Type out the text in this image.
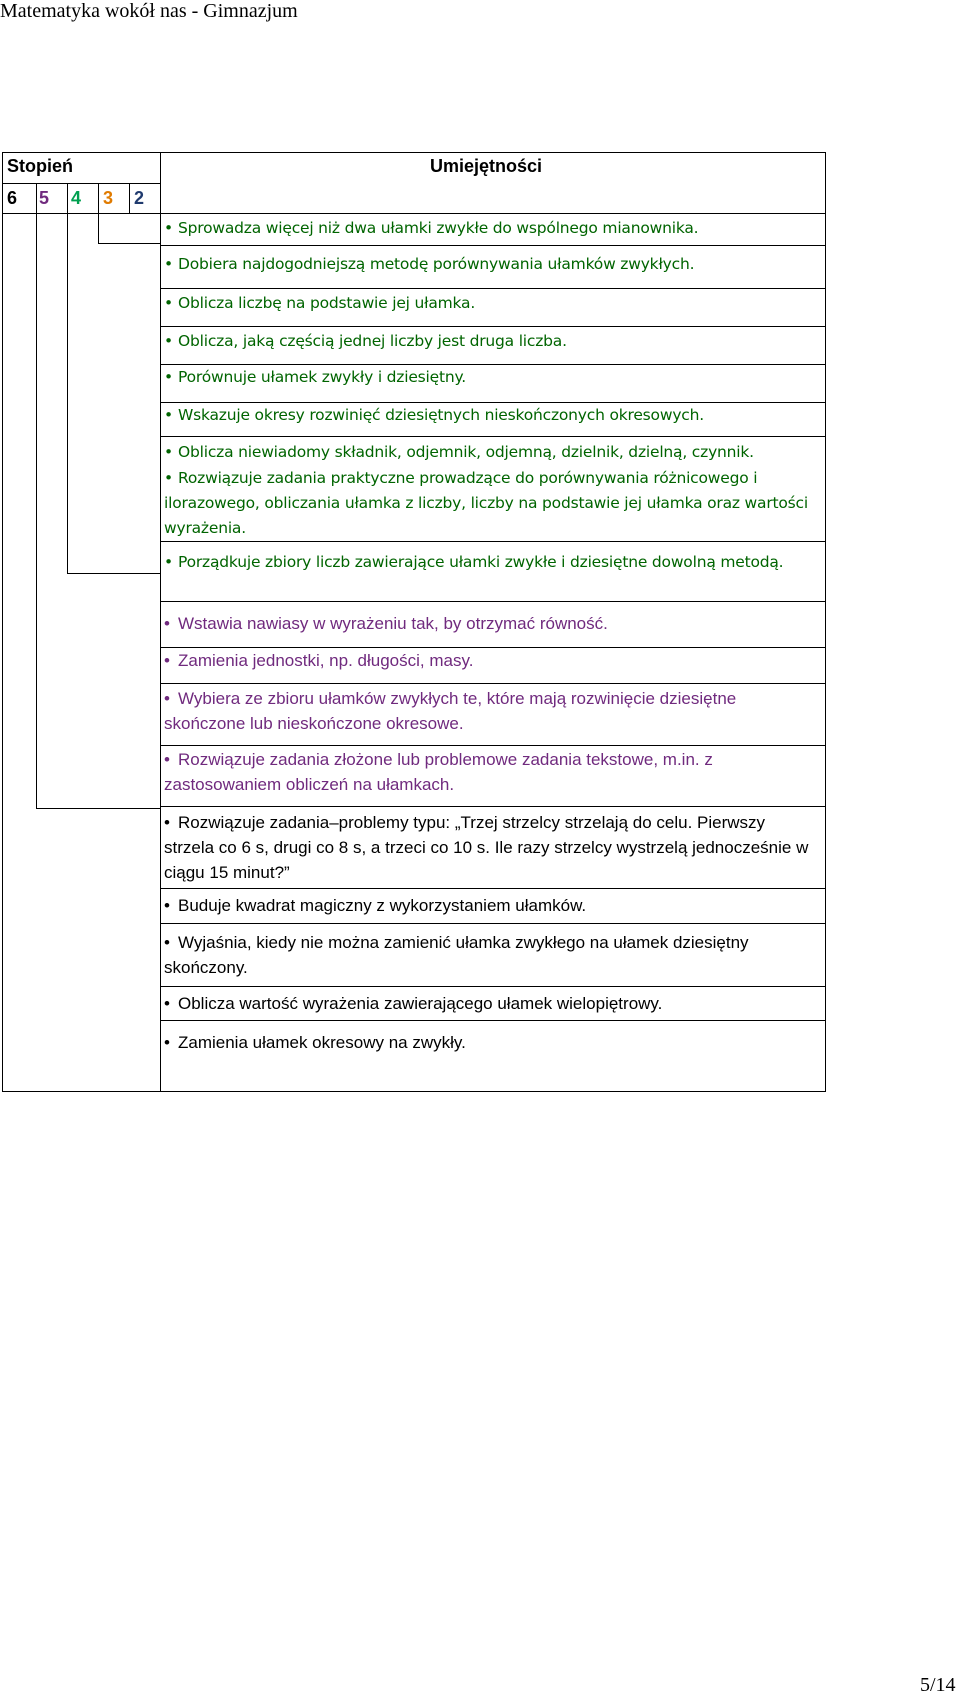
Matematyka wokół nas - Gimnazjum
Stopień	Umiejętności
6 5 4 3 2
• Sprowadza więcej niż dwa ułamki zwykłe do wspólnego mianownika.
• Dobiera najdogodniejszą metodę porównywania ułamków zwykłych.
• Oblicza liczbę na podstawie jej ułamka.
• Oblicza, jaką częścią jednej liczby jest druga liczba.
• Porównuje ułamek zwykły i dziesiętny.
• Wskazuje okresy rozwinięć dziesiętnych nieskończonych okresowych.
• Oblicza niewiadomy składnik, odjemnik, odjemną, dzielnik, dzielną, czynnik.
• Rozwiązuje zadania praktyczne prowadzące do porównywania różnicowego i ilorazowego, obliczania ułamka z liczby, liczby na podstawie jej ułamka oraz wartości wyrażenia.
• Porządkuje zbiory liczb zawierające ułamki zwykłe i dziesiętne dowolną metodą.
• Wstawia nawiasy w wyrażeniu tak, by otrzymać równość.
• Zamienia jednostki, np. długości, masy.
• Wybiera ze zbioru ułamków zwykłych te, które mają rozwinięcie dziesiętne skończone lub nieskończone okresowe.
• Rozwiązuje zadania złożone lub problemowe zadania tekstowe, m.in. z zastosowaniem obliczeń na ułamkach.
• Rozwiązuje zadania‒problemy typu: „Trzej strzelcy strzelają do celu. Pierwszy strzela co 6 s, drugi co 8 s, a trzeci co 10 s. Ile razy strzelcy wystrzelą jednocześnie w ciągu 15 minut?”
• Buduje kwadrat magiczny z wykorzystaniem ułamków.
• Wyjaśnia, kiedy nie można zamienić ułamka zwykłego na ułamek dziesiętny skończony.
• Oblicza wartość wyrażenia zawierającego ułamek wielopiętrowy.
• Zamienia ułamek okresowy na zwykły.
5/14
